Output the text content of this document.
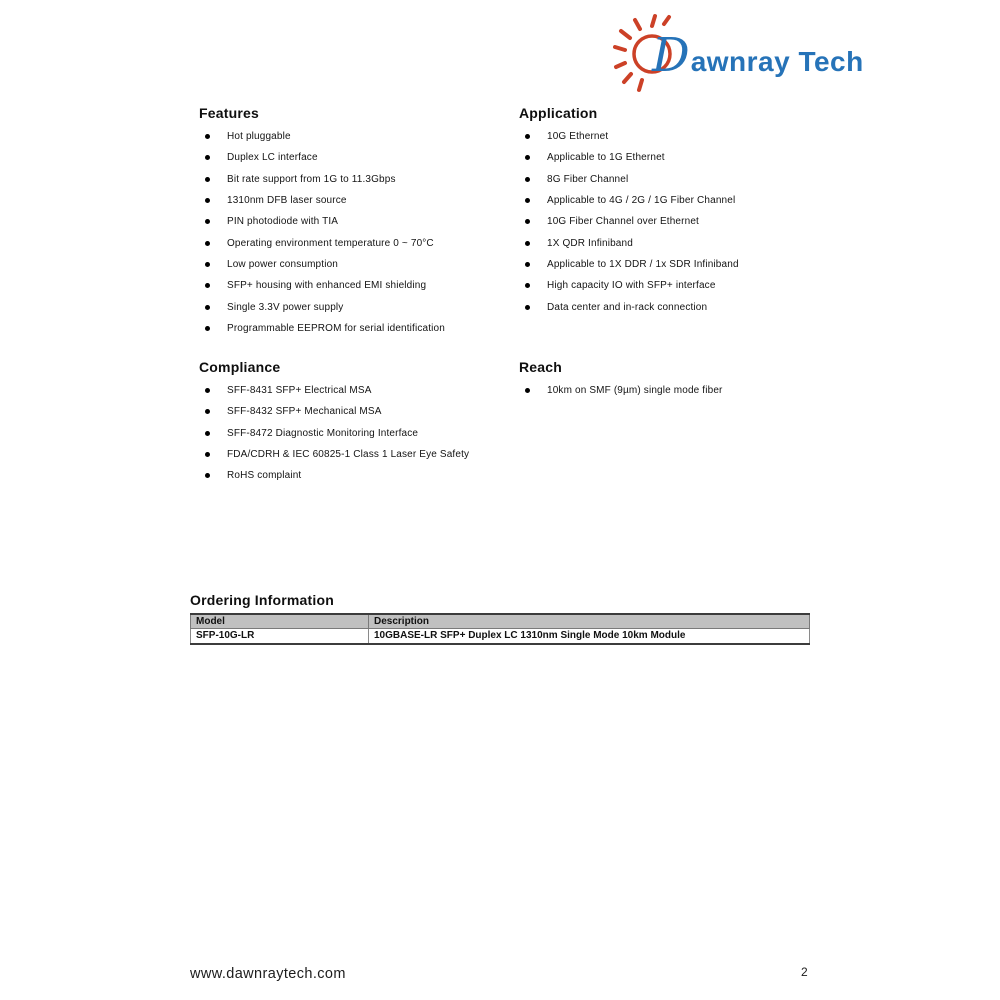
D awnray Tech
Features
Hot pluggable
Duplex LC interface
Bit rate support from 1G to 11.3Gbps
1310nm DFB laser source
PIN photodiode with TIA
Operating environment temperature 0 ~ 70°C
Low power consumption
SFP+ housing with enhanced EMI shielding
Single 3.3V power supply
Programmable EEPROM for serial identification
Application
10G Ethernet
Applicable to 1G Ethernet
8G Fiber Channel
Applicable to 4G / 2G / 1G Fiber Channel
10G Fiber Channel over Ethernet
1X QDR Infiniband
Applicable to 1X DDR / 1x SDR Infiniband
High capacity IO with SFP+ interface
Data center and in-rack connection
Compliance
SFF-8431 SFP+ Electrical MSA
SFF-8432 SFP+ Mechanical MSA
SFF-8472 Diagnostic Monitoring Interface
FDA/CDRH & IEC 60825-1 Class 1 Laser Eye Safety
RoHS complaint
Reach
10km on SMF (9µm) single mode fiber
Ordering Information
Model	Description
SFP-10G-LR	10GBASE-LR SFP+ Duplex LC 1310nm Single Mode 10km Module
www.dawnraytech.com	2
